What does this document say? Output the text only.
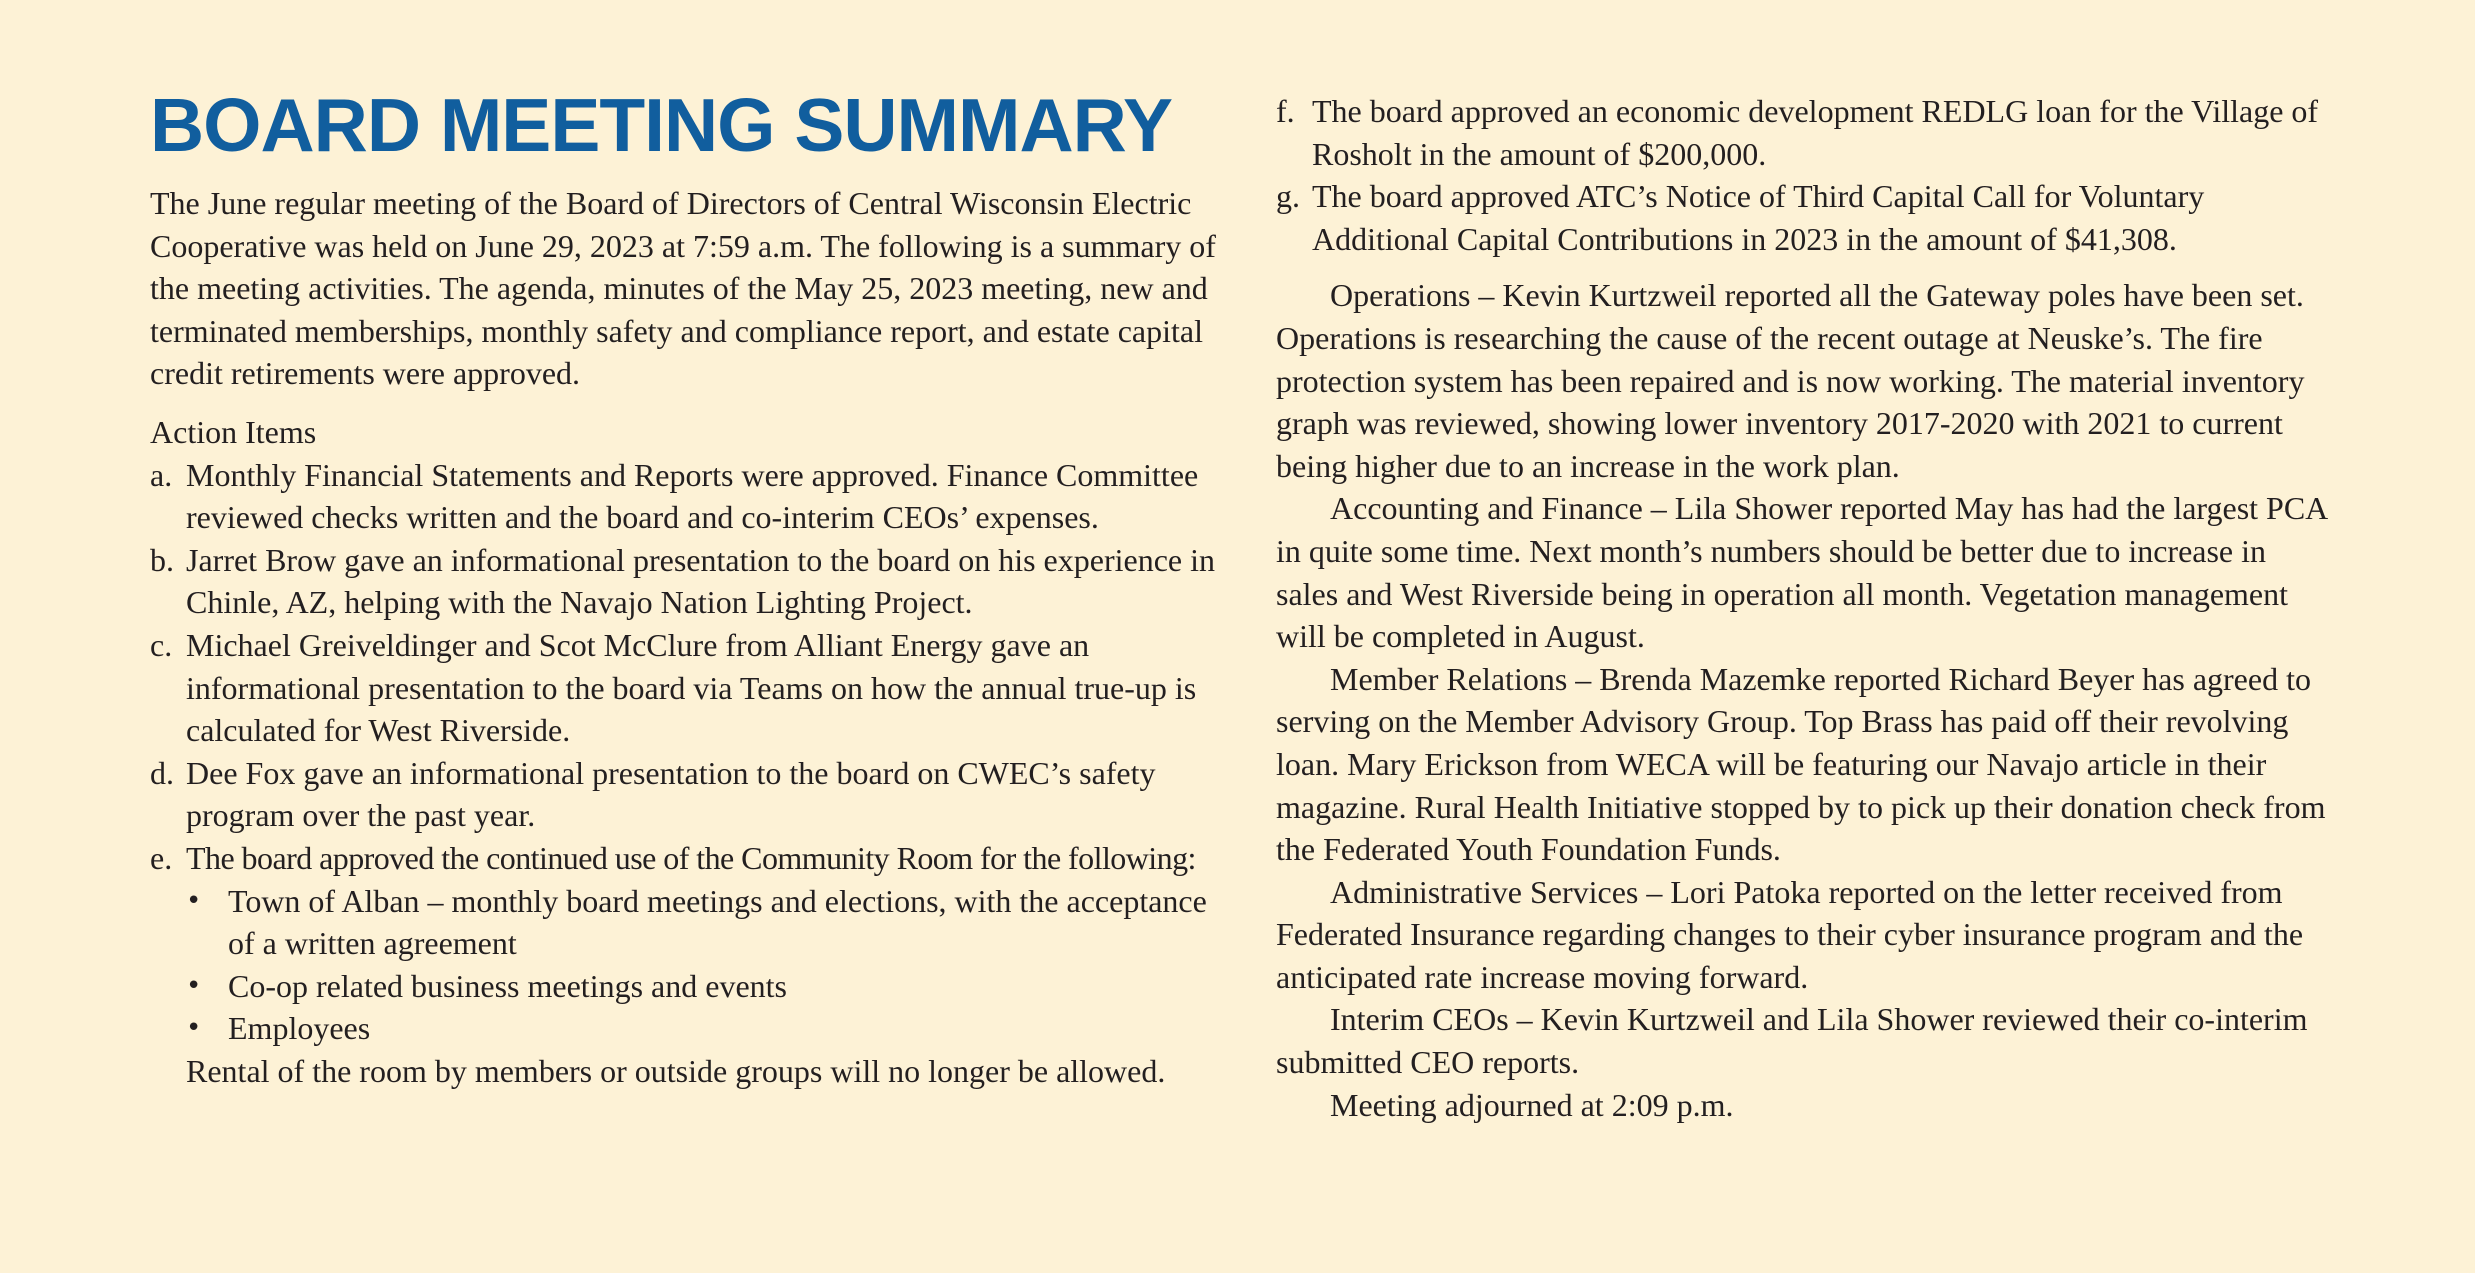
BOARD MEETING SUMMARY

The June regular meeting of the Board of Directors of Central Wisconsin Electric Cooperative was held on June 29, 2023 at 7:59 a.m. The following is a summary of the meeting activities. The agenda, minutes of the May 25, 2023 meeting, new and terminated memberships, monthly safety and compliance report, and estate capital credit retirements were approved.

Action Items
a. Monthly Financial Statements and Reports were approved. Finance Committee reviewed checks written and the board and co-interim CEOs’ expenses.
b. Jarret Brow gave an informational presentation to the board on his experience in Chinle, AZ, helping with the Navajo Nation Lighting Project.
c. Michael Greiveldinger and Scot McClure from Alliant Energy gave an informational presentation to the board via Teams on how the annual true-up is calculated for West Riverside.
d. Dee Fox gave an informational presentation to the board on CWEC’s safety program over the past year.
e. The board approved the continued use of the Community Room for the following:
• Town of Alban – monthly board meetings and elections, with the acceptance of a written agreement
• Co-op related business meetings and events
• Employees

Rental of the room by members or outside groups will no longer be allowed.

f. The board approved an economic development REDLG loan for the Village of Rosholt in the amount of $200,000.
g. The board approved ATC’s Notice of Third Capital Call for Voluntary Additional Capital Contributions in 2023 in the amount of $41,308.

Operations – Kevin Kurtzweil reported all the Gateway poles have been set. Operations is researching the cause of the recent outage at Neuske’s. The fire protection system has been repaired and is now working. The material inventory graph was reviewed, showing lower inventory 2017-2020 with 2021 to current being higher due to an increase in the work plan.

Accounting and Finance – Lila Shower reported May has had the largest PCA in quite some time. Next month’s numbers should be better due to increase in sales and West Riverside being in operation all month. Vegetation management will be completed in August.

Member Relations – Brenda Mazemke reported Richard Beyer has agreed to serving on the Member Advisory Group. Top Brass has paid off their revolving loan. Mary Erickson from WECA will be featuring our Navajo article in their magazine. Rural Health Initiative stopped by to pick up their donation check from the Federated Youth Foundation Funds.

Administrative Services – Lori Patoka reported on the letter received from Federated Insurance regarding changes to their cyber insurance program and the anticipated rate increase moving forward.

Interim CEOs – Kevin Kurtzweil and Lila Shower reviewed their co-interim submitted CEO reports.

Meeting adjourned at 2:09 p.m.
